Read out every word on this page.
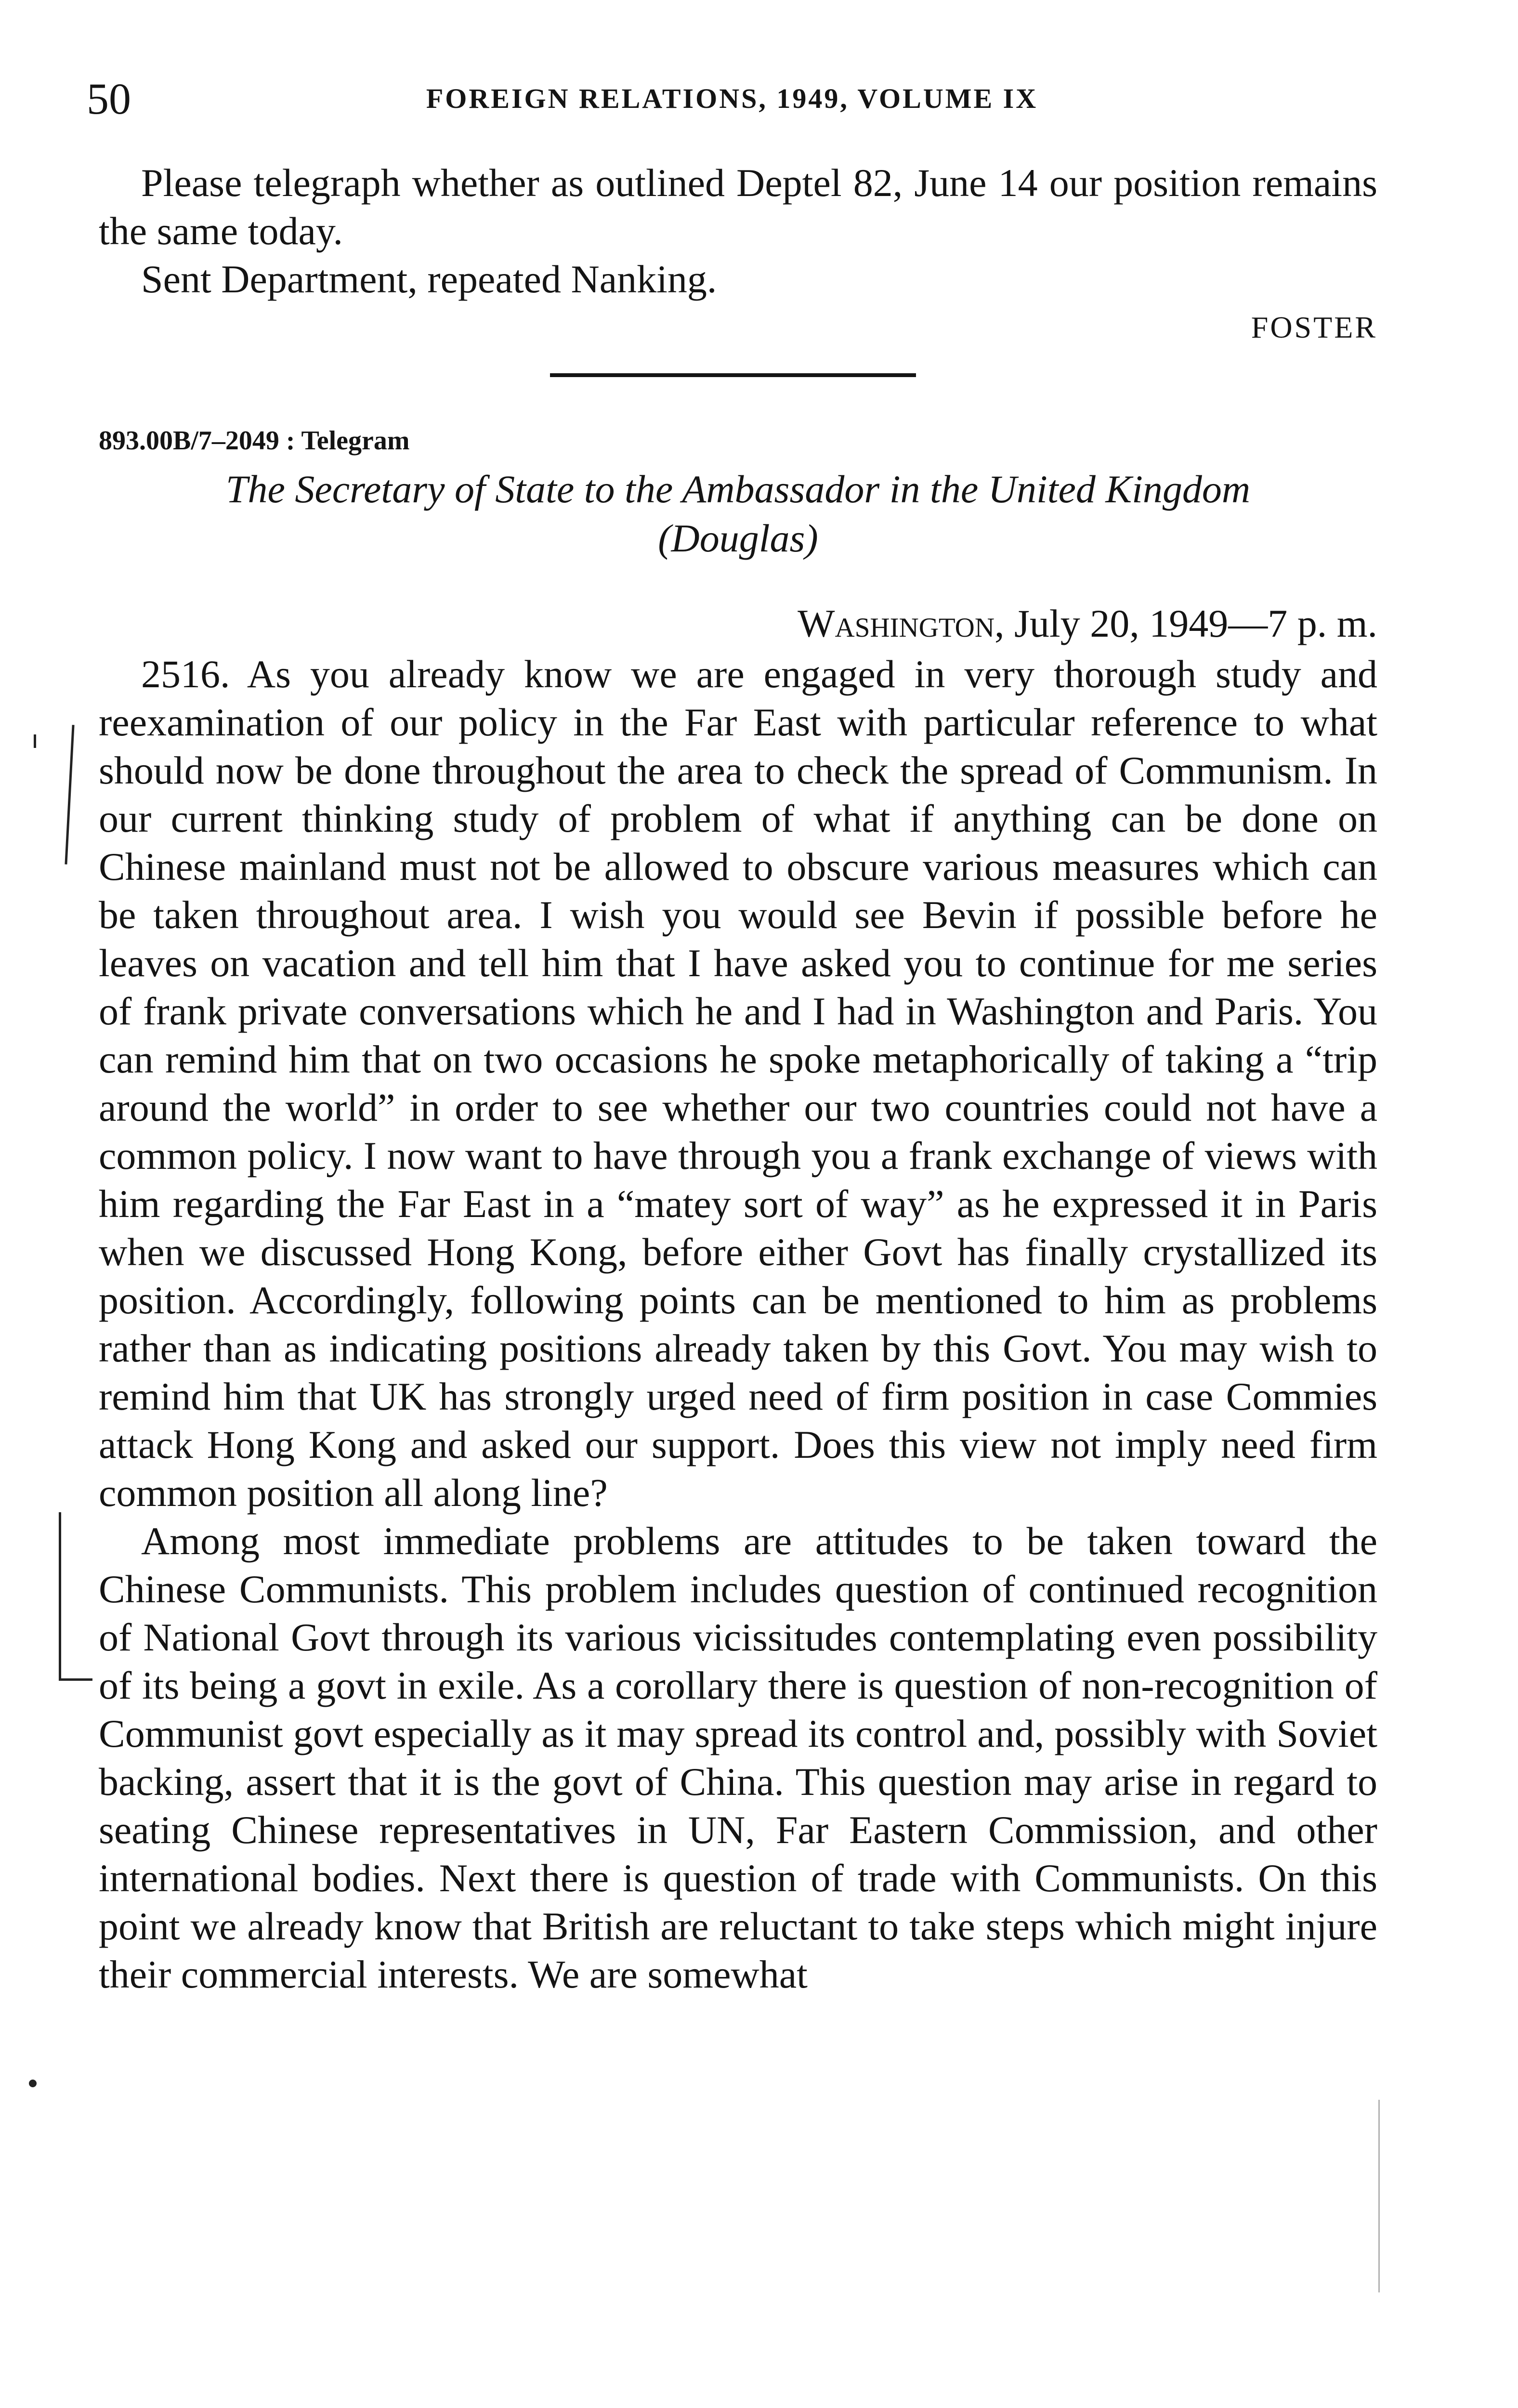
50	FOREIGN RELATIONS, 1949, VOLUME IX

Please telegraph whether as outlined Deptel 82, June 14 our position remains the same today.

Sent Department, repeated Nanking.

FOSTER
893.00B/7–2049 : Telegram
The Secretary of State to the Ambassador in the United Kingdom
(Douglas)
Washington, July 20, 1949—7 p. m.

2516. As you already know we are engaged in very thorough study and reexamination of our policy in the Far East with particular reference to what should now be done throughout the area to check the spread of Communism. In our current thinking study of problem of what if anything can be done on Chinese mainland must not be allowed to obscure various measures which can be taken throughout area. I wish you would see Bevin if possible before he leaves on vacation and tell him that I have asked you to continue for me series of frank private conversations which he and I had in Washington and Paris. You can remind him that on two occasions he spoke metaphorically of taking a “trip around the world” in order to see whether our two countries could not have a common policy. I now want to have through you a frank exchange of views with him regarding the Far East in a “matey sort of way” as he expressed it in Paris when we discussed Hong Kong, before either Govt has finally crystallized its position. Accordingly, following points can be mentioned to him as problems rather than as indicating positions already taken by this Govt. You may wish to remind him that UK has strongly urged need of firm position in case Commies attack Hong Kong and asked our support. Does this view not imply need firm common position all along line?

Among most immediate problems are attitudes to be taken toward the Chinese Communists. This problem includes question of continued recognition of National Govt through its various vicissitudes contemplating even possibility of its being a govt in exile. As a corollary there is question of non-recognition of Communist govt especially as it may spread its control and, possibly with Soviet backing, assert that it is the govt of China. This question may arise in regard to seating Chinese representatives in UN, Far Eastern Commission, and other international bodies. Next there is question of trade with Communists. On this point we already know that British are reluctant to take steps which might injure their commercial interests. We are somewhat
